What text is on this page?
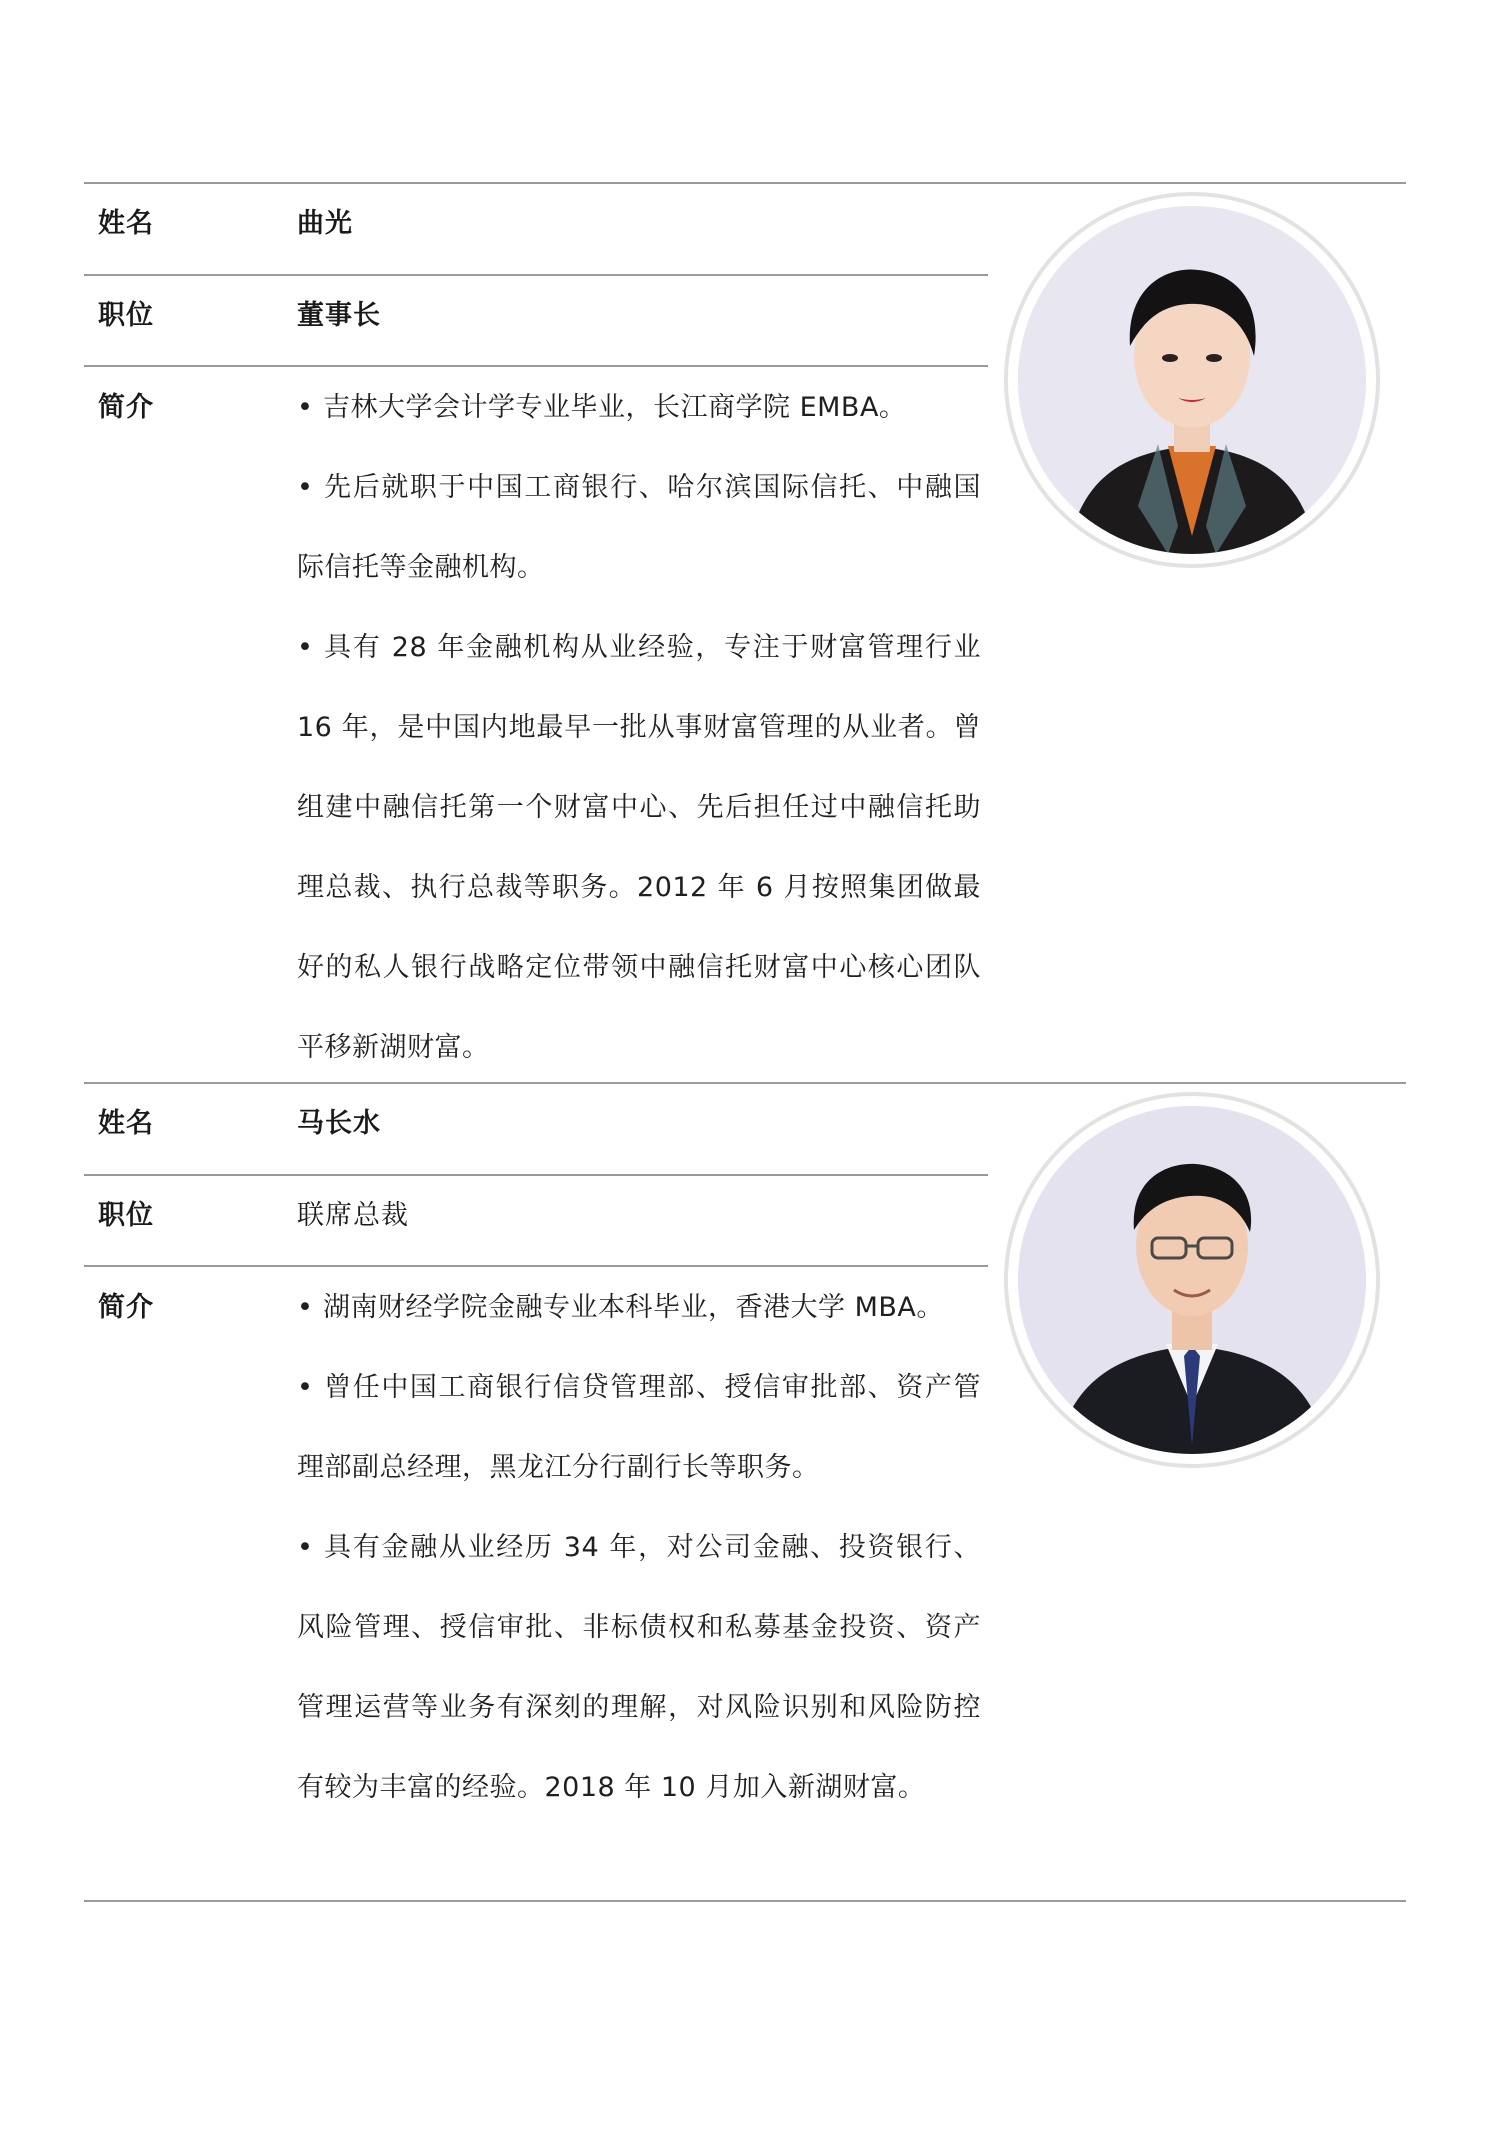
姓名	曲光
职位	董事长
简介	• 吉林大学会计学专业毕业，长江商学院 EMBA。

• 先后就职于中国工商银行、哈尔滨国际信托、中融国际信托等金融机构。

• 具有 28 年金融机构从业经验，专注于财富管理行业 16 年，是中国内地最早一批从事财富管理的从业者。曾组建中融信托第一个财富中心、先后担任过中融信托助理总裁、执行总裁等职务。2012 年 6 月按照集团做最好的私人银行战略定位带领中融信托财富中心核心团队平移新湖财富。

姓名	马长水
职位	联席总裁
简介	• 湖南财经学院金融专业本科毕业，香港大学 MBA。

• 曾任中国工商银行信贷管理部、授信审批部、资产管理部副总经理，黑龙江分行副行长等职务。

• 具有金融从业经历 34 年，对公司金融、投资银行、风险管理、授信审批、非标债权和私募基金投资、资产管理运营等业务有深刻的理解，对风险识别和风险防控有较为丰富的经验。2018 年 10 月加入新湖财富。
